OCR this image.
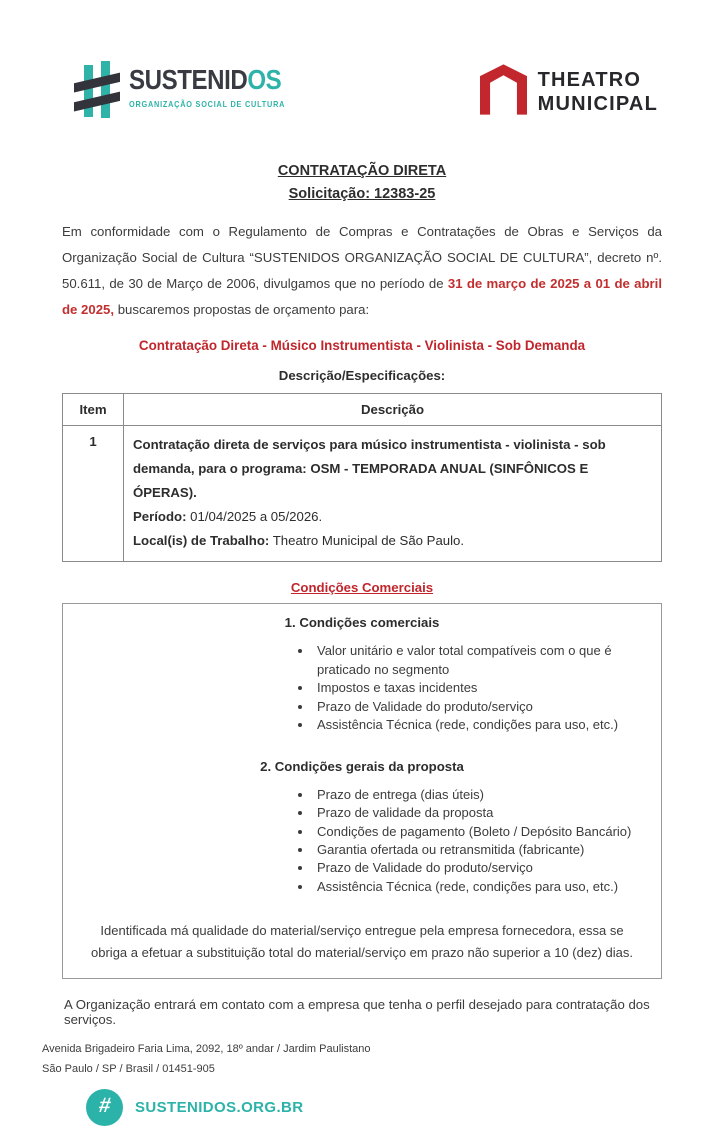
SUSTENIDOS
ORGANIZAÇÃO SOCIAL DE CULTURA
THEATRO
MUNICIPAL
CONTRATAÇÃO DIRETA
Solicitação: 12383-25

Em conformidade com o Regulamento de Compras e Contratações de Obras e Serviços da Organização Social de Cultura “SUSTENIDOS ORGANIZAÇÃO SOCIAL DE CULTURA”, decreto nº. 50.611, de 30 de Março de 2006, divulgamos que no período de 31 de março de 2025 a 01 de abril de 2025, buscaremos propostas de orçamento para:

Contratação Direta - Músico Instrumentista - Violinista - Sob Demanda
Descrição/Especificações:
Item	Descrição
1	Contratação direta de serviços para músico instrumentista - violinista - sob demanda, para o programa: OSM - TEMPORADA ANUAL (SINFÔNICOS E ÓPERAS).
Período: 01/04/2025 a 05/2026.
Local(is) de Trabalho: Theatro Municipal de São Paulo.
Condições Comerciais
1. Condições comerciais
• Valor unitário e valor total compatíveis com o que é praticado no segmento
• Impostos e taxas incidentes
• Prazo de Validade do produto/serviço
• Assistência Técnica (rede, condições para uso, etc.)
2. Condições gerais da proposta
• Prazo de entrega (dias úteis)
• Prazo de validade da proposta
• Condições de pagamento (Boleto / Depósito Bancário)
• Garantia ofertada ou retransmitida (fabricante)
• Prazo de Validade do produto/serviço
• Assistência Técnica (rede, condições para uso, etc.)
Identificada má qualidade do material/serviço entregue pela empresa fornecedora, essa se obriga a efetuar a substituição total do material/serviço em prazo não superior a 10 (dez) dias.

A Organização entrará em contato com a empresa que tenha o perfil desejado para contratação dos serviços.

Avenida Brigadeiro Faria Lima, 2092, 18º andar / Jardim Paulistano
São Paulo / SP / Brasil / 01451-905
# SUSTENIDOS.ORG.BR
